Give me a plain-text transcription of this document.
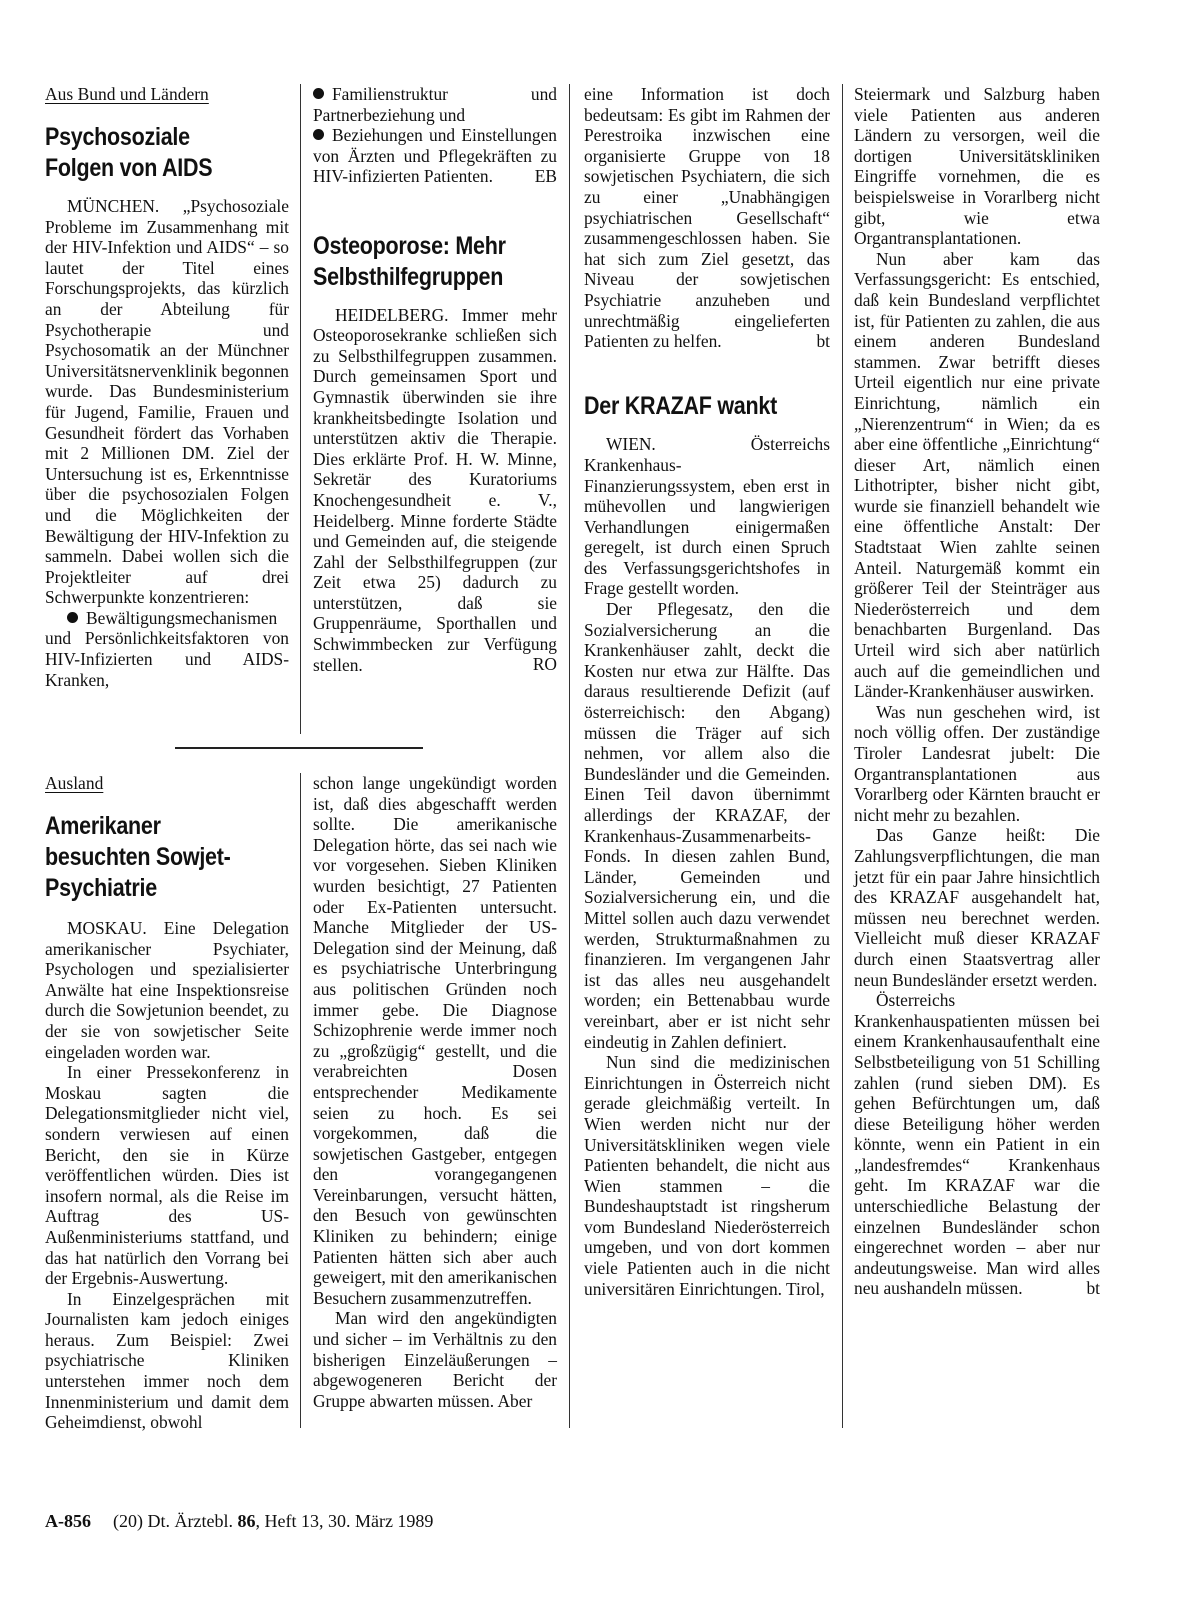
Aus Bund und Ländern
Psychosoziale Folgen von AIDS

MÜNCHEN. „Psychosoziale Probleme im Zusammenhang mit der HIV-Infektion und AIDS“ – so lautet der Titel eines Forschungsprojekts, das kürzlich an der Abteilung für Psychotherapie und Psychosomatik an der Münchner Universitätsnervenklinik begonnen wurde. Das Bundesministerium für Jugend, Familie, Frauen und Gesundheit fördert das Vorhaben mit 2 Millionen DM. Ziel der Untersuchung ist es, Erkenntnisse über die psychosozialen Folgen und die Möglichkeiten der Bewältigung der HIV-Infektion zu sammeln. Dabei wollen sich die Projektleiter auf drei Schwerpunkte konzentrieren:

Bewältigungsmechanismen und Persönlichkeitsfaktoren von HIV-Infizierten und AIDS-Kranken,

Familienstruktur und Partnerbeziehung und

Beziehungen und Einstellungen von Ärzten und Pflegekräften zu HIV-infizierten Patienten.	EB

Osteoporose: Mehr Selbsthilfegruppen

HEIDELBERG. Immer mehr Osteoporosekranke schließen sich zu Selbsthilfegruppen zusammen. Durch gemeinsamen Sport und Gymnastik überwinden sie ihre krankheitsbedingte Isolation und unterstützen aktiv die Therapie. Dies erklärte Prof. H. W. Minne, Sekretär des Kuratoriums Knochengesundheit e. V., Heidelberg. Minne forderte Städte und Gemeinden auf, die steigende Zahl der Selbsthilfegruppen (zur Zeit etwa 25) dadurch zu unterstützen, daß sie Gruppenräume, Sporthallen und Schwimmbecken zur Verfügung stellen.	RO

Ausland
Amerikaner besuchten Sowjet-Psychiatrie

MOSKAU. Eine Delegation amerikanischer Psychiater, Psychologen und spezialisierter Anwälte hat eine Inspektionsreise durch die Sowjetunion beendet, zu der sie von sowjetischer Seite eingeladen worden war.

In einer Pressekonferenz in Moskau sagten die Delegationsmitglieder nicht viel, sondern verwiesen auf einen Bericht, den sie in Kürze veröffentlichen würden. Dies ist insofern normal, als die Reise im Auftrag des US-Außenministeriums stattfand, und das hat natürlich den Vorrang bei der Ergebnis-Auswertung.

In Einzelgesprächen mit Journalisten kam jedoch einiges heraus. Zum Beispiel: Zwei psychiatrische Kliniken unterstehen immer noch dem Innenministerium und damit dem Geheimdienst, obwohl

schon lange ungekündigt worden ist, daß dies abgeschafft werden sollte. Die amerikanische Delegation hörte, das sei nach wie vor vorgesehen. Sieben Kliniken wurden besichtigt, 27 Patienten oder Ex-Patienten untersucht. Manche Mitglieder der US-Delegation sind der Meinung, daß es psychiatrische Unterbringung aus politischen Gründen noch immer gebe. Die Diagnose Schizophrenie werde immer noch zu „großzügig“ gestellt, und die verabreichten Dosen entsprechender Medikamente seien zu hoch. Es sei vorgekommen, daß die sowjetischen Gastgeber, entgegen den vorangegangenen Vereinbarungen, versucht hätten, den Besuch von gewünschten Kliniken zu behindern; einige Patienten hätten sich aber auch geweigert, mit den amerikanischen Besuchern zusammenzutreffen.

Man wird den angekündigten und sicher – im Verhältnis zu den bisherigen Einzeläußerungen – abgewogeneren Bericht der Gruppe abwarten müssen. Aber

eine Information ist doch bedeutsam: Es gibt im Rahmen der Perestroika inzwischen eine organisierte Gruppe von 18 sowjetischen Psychiatern, die sich zu einer „Unabhängigen psychiatrischen Gesellschaft“ zusammengeschlossen haben. Sie hat sich zum Ziel gesetzt, das Niveau der sowjetischen Psychiatrie anzuheben und unrechtmäßig eingelieferten Patienten zu helfen.	bt

Der KRAZAF wankt

WIEN. Österreichs Krankenhaus-Finanzierungssystem, eben erst in mühevollen und langwierigen Verhandlungen einigermaßen geregelt, ist durch einen Spruch des Verfassungsgerichtshofes in Frage gestellt worden.

Der Pflegesatz, den die Sozialversicherung an die Krankenhäuser zahlt, deckt die Kosten nur etwa zur Hälfte. Das daraus resultierende Defizit (auf österreichisch: den Abgang) müssen die Träger auf sich nehmen, vor allem also die Bundesländer und die Gemeinden. Einen Teil davon übernimmt allerdings der KRAZAF, der Krankenhaus-Zusammenarbeits-Fonds. In diesen zahlen Bund, Länder, Gemeinden und Sozialversicherung ein, und die Mittel sollen auch dazu verwendet werden, Strukturmaßnahmen zu finanzieren. Im vergangenen Jahr ist das alles neu ausgehandelt worden; ein Bettenabbau wurde vereinbart, aber er ist nicht sehr eindeutig in Zahlen definiert.

Nun sind die medizinischen Einrichtungen in Österreich nicht gerade gleichmäßig verteilt. In Wien werden nicht nur der Universitätskliniken wegen viele Patienten behandelt, die nicht aus Wien stammen – die Bundeshauptstadt ist ringsherum vom Bundesland Niederösterreich umgeben, und von dort kommen viele Patienten auch in die nicht universitären Einrichtungen. Tirol,

Steiermark und Salzburg haben viele Patienten aus anderen Ländern zu versorgen, weil die dortigen Universitätskliniken Eingriffe vornehmen, die es beispielsweise in Vorarlberg nicht gibt, wie etwa Organtransplantationen.

Nun aber kam das Verfassungsgericht: Es entschied, daß kein Bundesland verpflichtet ist, für Patienten zu zahlen, die aus einem anderen Bundesland stammen. Zwar betrifft dieses Urteil eigentlich nur eine private Einrichtung, nämlich ein „Nierenzentrum“ in Wien; da es aber eine öffentliche „Einrichtung“ dieser Art, nämlich einen Lithotripter, bisher nicht gibt, wurde sie finanziell behandelt wie eine öffentliche Anstalt: Der Stadtstaat Wien zahlte seinen Anteil. Naturgemäß kommt ein größerer Teil der Steinträger aus Niederösterreich und dem benachbarten Burgenland. Das Urteil wird sich aber natürlich auch auf die gemeindlichen und Länder-Krankenhäuser auswirken.

Was nun geschehen wird, ist noch völlig offen. Der zuständige Tiroler Landesrat jubelt: Die Organtransplantationen aus Vorarlberg oder Kärnten braucht er nicht mehr zu bezahlen.

Das Ganze heißt: Die Zahlungsverpflichtungen, die man jetzt für ein paar Jahre hinsichtlich des KRAZAF ausgehandelt hat, müssen neu berechnet werden. Vielleicht muß dieser KRAZAF durch einen Staatsvertrag aller neun Bundesländer ersetzt werden.

Österreichs Krankenhauspatienten müssen bei einem Krankenhausaufenthalt eine Selbstbeteiligung von 51 Schilling zahlen (rund sieben DM). Es gehen Befürchtungen um, daß diese Beteiligung höher werden könnte, wenn ein Patient in ein „landesfremdes“ Krankenhaus geht. Im KRAZAF war die unterschiedliche Belastung der einzelnen Bundesländer schon eingerechnet worden – aber nur andeutungsweise. Man wird alles neu aushandeln müssen.	bt

A-856 (20) Dt. Ärztebl. 86, Heft 13, 30. März 1989
